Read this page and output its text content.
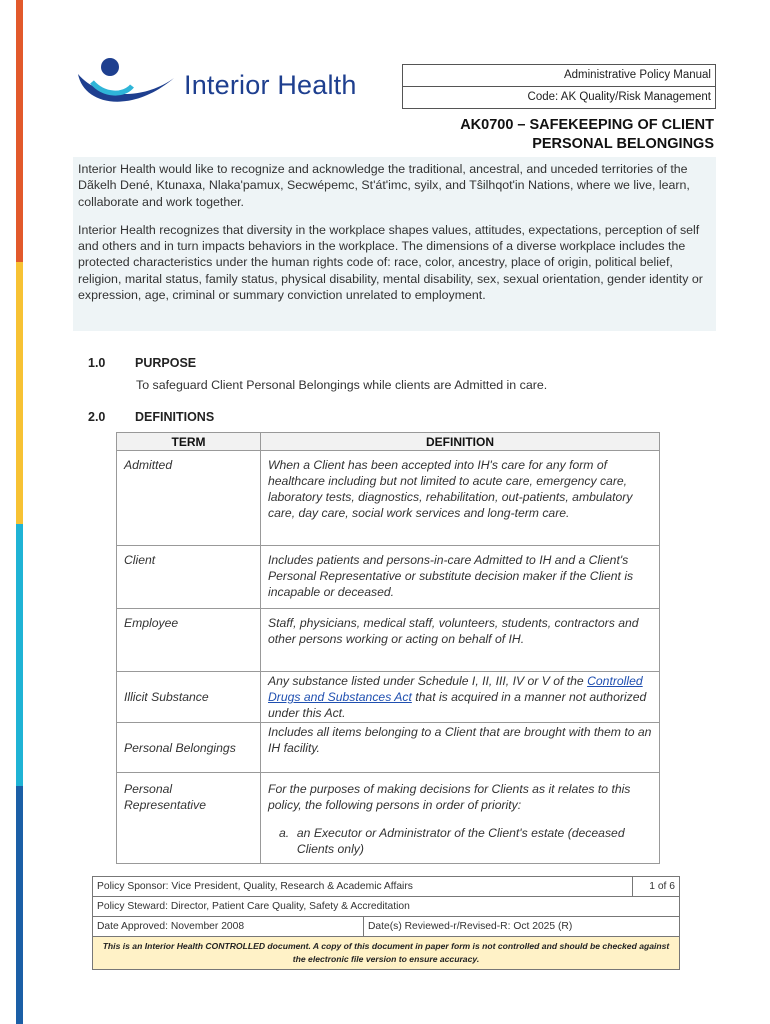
Interior Health	Administrative Policy Manual
Code: AK Quality/Risk Management
AK0700 – SAFEKEEPING OF CLIENT
PERSONAL BELONGINGS

Interior Health would like to recognize and acknowledge the traditional, ancestral, and unceded territories of the Dãkelh Dené, Ktunaxa, Nlaka'pamux, Secwépemc, St'át'imc, syilx, and Tŝilhqot'in Nations, where we live, learn, collaborate and work together.

Interior Health recognizes that diversity in the workplace shapes values, attitudes, expectations, perception of self and others and in turn impacts behaviors in the workplace. The dimensions of a diverse workplace includes the protected characteristics under the human rights code of: race, color, ancestry, place of origin, political belief, religion, marital status, family status, physical disability, mental disability, sex, sexual orientation, gender identity or expression, age, criminal or summary conviction unrelated to employment.

1.0 PURPOSE
To safeguard Client Personal Belongings while clients are Admitted in care.
2.0 DEFINITIONS
TERM	DEFINITION
Admitted	When a Client has been accepted into IH's care for any form of healthcare including but not limited to acute care, emergency care, laboratory tests, diagnostics, rehabilitation, out-patients, ambulatory care, day care, social work services and long-term care.
Client	Includes patients and persons-in-care Admitted to IH and a Client's Personal Representative or substitute decision maker if the Client is incapable or deceased.
Employee	Staff, physicians, medical staff, volunteers, students, contractors and other persons working or acting on behalf of IH.
Illicit Substance	Any substance listed under Schedule I, II, III, IV or V of the Controlled Drugs and Substances Act that is acquired in a manner not authorized under this Act.
Personal Belongings	Includes all items belonging to a Client that are brought with them to an IH facility.
Personal Representative	For the purposes of making decisions for Clients as it relates to this policy, the following persons in order of priority:
a. an Executor or Administrator of the Client's estate (deceased Clients only)
Policy Sponsor: Vice President, Quality, Research & Academic Affairs		1 of 6
Policy Steward: Director, Patient Care Quality, Safety & Accreditation		
Date Approved: November 2008	Date(s) Reviewed-r/Revised-R: Oct 2025 (R)	
This is an Interior Health CONTROLLED document. A copy of this document in paper form is not controlled and should be checked against the electronic file version to ensure accuracy.		
